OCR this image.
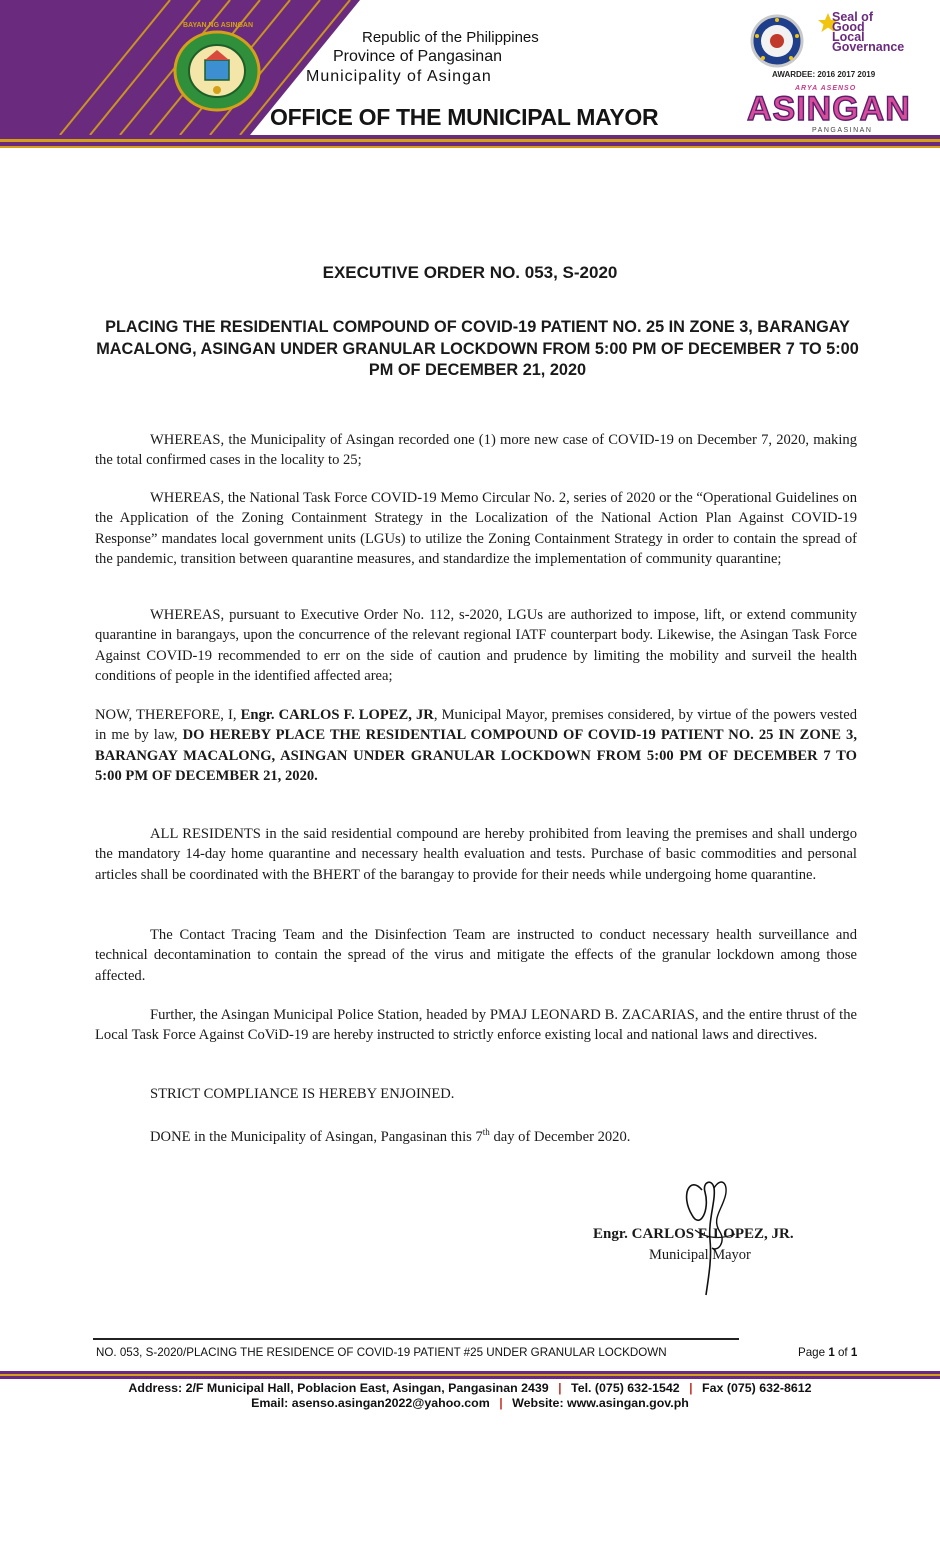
BAYAN NG ASINGAN
Republic of the Philippines
Province of Pangasinan
Municipality of Asingan
OFFICE OF THE MUNICIPAL MAYOR
Seal of
Good
Local
Governance
AWARDEE: 2016 2017 2019
ARYA ASENSO
ASINGAN
PANGASINAN
EXECUTIVE ORDER NO. 053, S-2020
PLACING THE RESIDENTIAL COMPOUND OF COVID-19 PATIENT NO. 25 IN ZONE 3, BARANGAY MACALONG, ASINGAN UNDER GRANULAR LOCKDOWN FROM 5:00 PM OF DECEMBER 7 TO 5:00 PM OF DECEMBER 21, 2020
WHEREAS, the Municipality of Asingan recorded one (1) more new case of COVID-19 on December 7, 2020, making the total confirmed cases in the locality to 25;
WHEREAS, the National Task Force COVID-19 Memo Circular No. 2, series of 2020 or the “Operational Guidelines on the Application of the Zoning Containment Strategy in the Localization of the National Action Plan Against COVID-19 Response” mandates local government units (LGUs) to utilize the Zoning Containment Strategy in order to contain the spread of the pandemic, transition between quarantine measures, and standardize the implementation of community quarantine;
WHEREAS, pursuant to Executive Order No. 112, s-2020, LGUs are authorized to impose, lift, or extend community quarantine in barangays, upon the concurrence of the relevant regional IATF counterpart body. Likewise, the Asingan Task Force Against COVID-19 recommended to err on the side of caution and prudence by limiting the mobility and surveil the health conditions of people in the identified affected area;
NOW, THEREFORE, I, Engr. CARLOS F. LOPEZ, JR, Municipal Mayor, premises considered, by virtue of the powers vested in me by law, DO HEREBY PLACE THE RESIDENTIAL COMPOUND OF COVID-19 PATIENT NO. 25 IN ZONE 3, BARANGAY MACALONG, ASINGAN UNDER GRANULAR LOCKDOWN FROM 5:00 PM OF DECEMBER 7 TO 5:00 PM OF DECEMBER 21, 2020.
ALL RESIDENTS in the said residential compound are hereby prohibited from leaving the premises and shall undergo the mandatory 14-day home quarantine and necessary health evaluation and tests. Purchase of basic commodities and personal articles shall be coordinated with the BHERT of the barangay to provide for their needs while undergoing home quarantine.
The Contact Tracing Team and the Disinfection Team are instructed to conduct necessary health surveillance and technical decontamination to contain the spread of the virus and mitigate the effects of the granular lockdown among those affected.
Further, the Asingan Municipal Police Station, headed by PMAJ LEONARD B. ZACARIAS, and the entire thrust of the Local Task Force Against CoViD-19 are hereby instructed to strictly enforce existing local and national laws and directives.
STRICT COMPLIANCE IS HEREBY ENJOINED.
DONE in the Municipality of Asingan, Pangasinan this 7th day of December 2020.
Engr. CARLOS F. LOPEZ, JR.
Municipal Mayor
NO. 053, S-2020/PLACING THE RESIDENCE OF COVID-19 PATIENT #25 UNDER GRANULAR LOCKDOWN	Page 1 of 1
Address: 2/F Municipal Hall, Poblacion East, Asingan, Pangasinan 2439 | Tel. (075) 632-1542 | Fax (075) 632-8612
Email: asenso.asingan2022@yahoo.com | Website: www.asingan.gov.ph
